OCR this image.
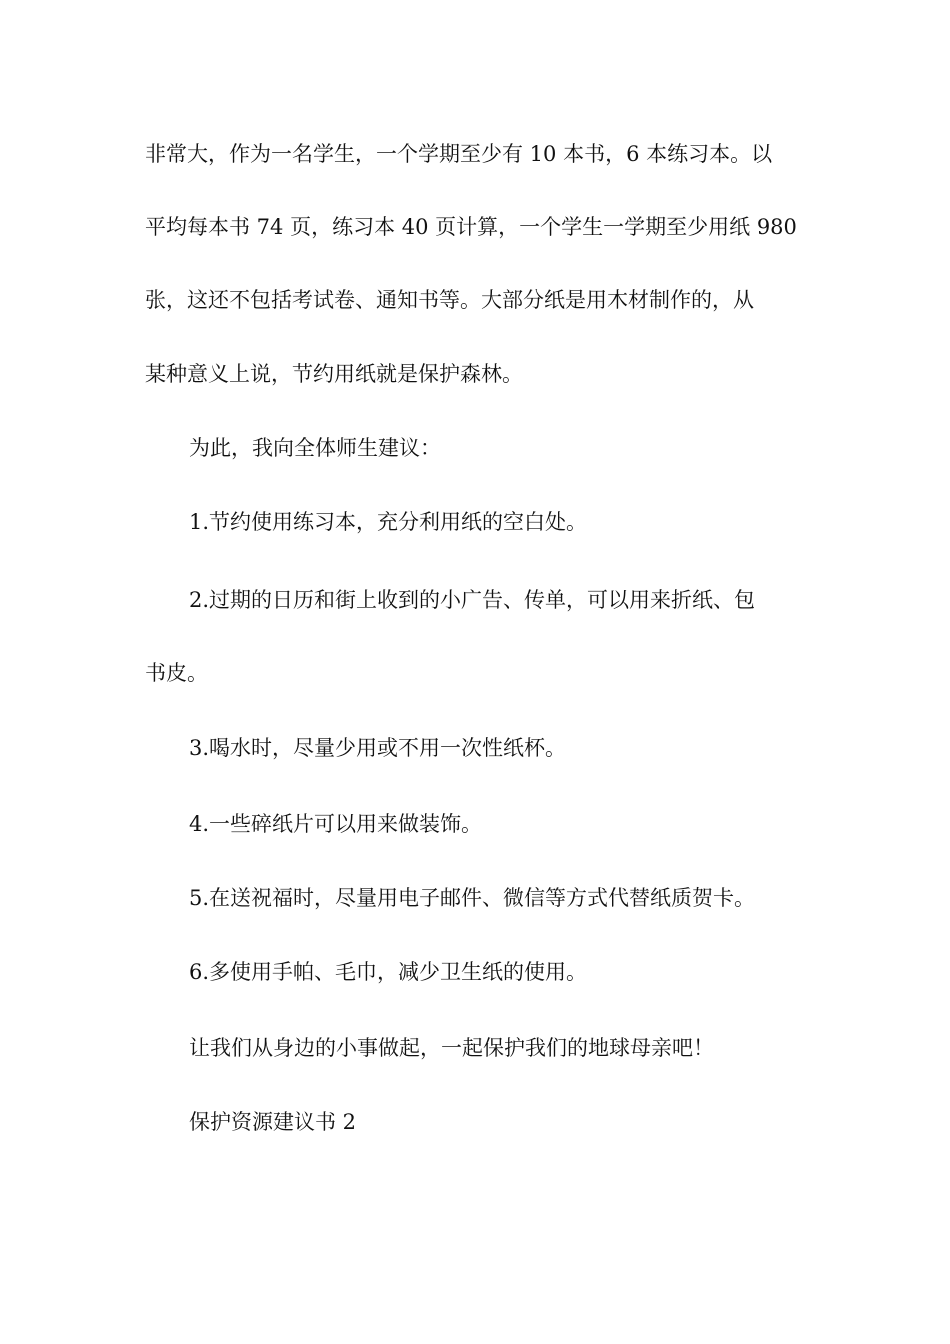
非常大，作为一名学生，一个学期至少有 10 本书，6 本练习本。以
平均每本书 74 页，练习本 40 页计算，一个学生一学期至少用纸 980
张，这还不包括考试卷、通知书等。大部分纸是用木材制作的，从
某种意义上说，节约用纸就是保护森林。
为此，我向全体师生建议：
1.节约使用练习本，充分利用纸的空白处。
2.过期的日历和街上收到的小广告、传单，可以用来折纸、包
书皮。
3.喝水时，尽量少用或不用一次性纸杯。
4.一些碎纸片可以用来做装饰。
5.在送祝福时，尽量用电子邮件、微信等方式代替纸质贺卡。
6.多使用手帕、毛巾，减少卫生纸的使用。
让我们从身边的小事做起，一起保护我们的地球母亲吧！
保护资源建议书 2
